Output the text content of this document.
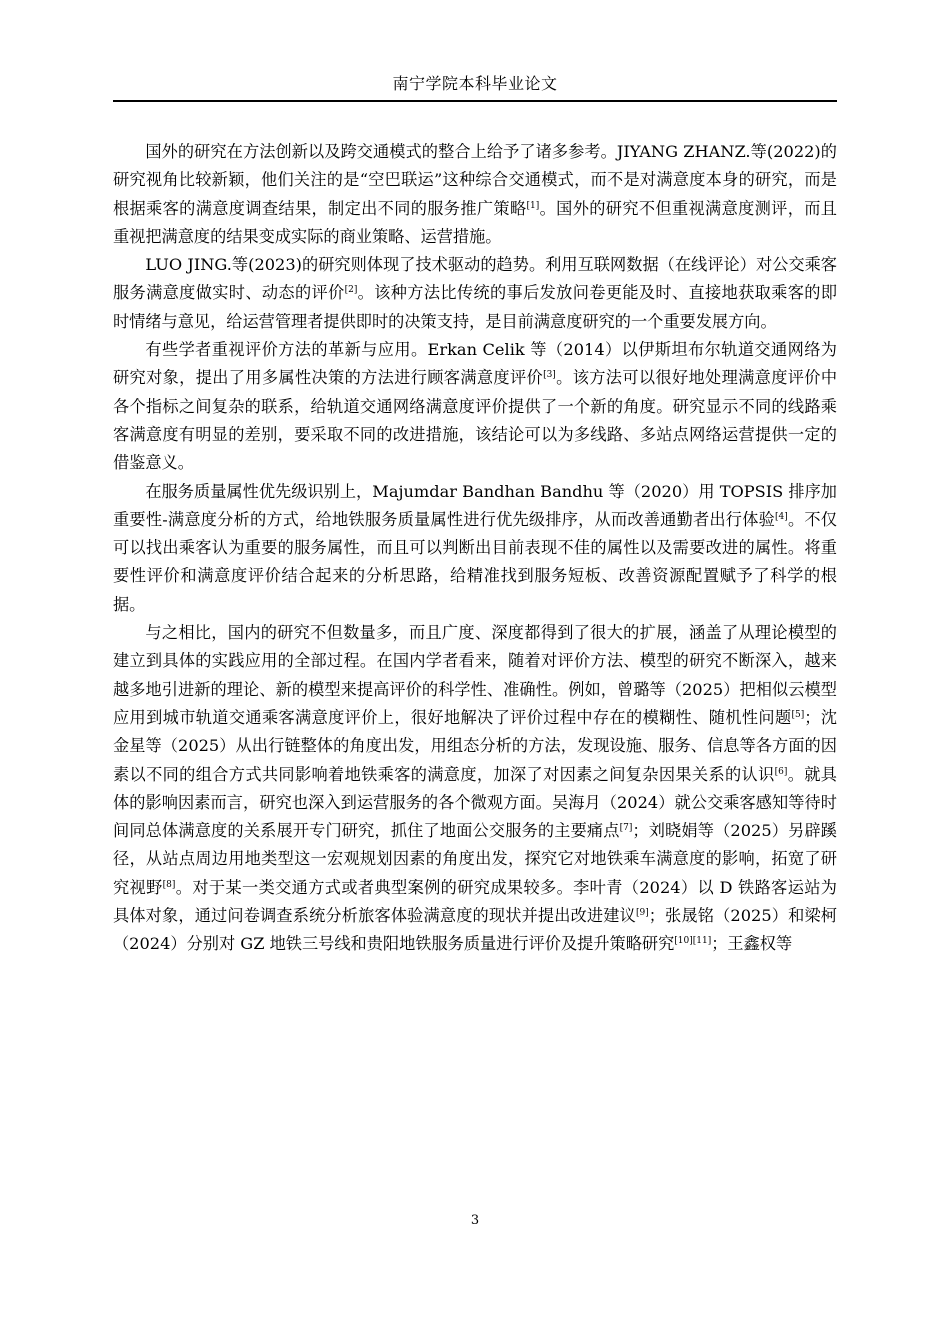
南宁学院本科毕业论文

国外的研究在方法创新以及跨交通模式的整合上给予了诸多参考。JIYANG ZHANZ.等(2022)的研究视角比较新颖，他们关注的是“空巴联运”这种综合交通模式，而不是对满意度本身的研究，而是根据乘客的满意度调查结果，制定出不同的服务推广策略[1]。国外的研究不但重视满意度测评，而且重视把满意度的结果变成实际的商业策略、运营措施。

LUO JING.等(2023)的研究则体现了技术驱动的趋势。利用互联网数据（在线评论）对公交乘客服务满意度做实时、动态的评价[2]。该种方法比传统的事后发放问卷更能及时、直接地获取乘客的即时情绪与意见，给运营管理者提供即时的决策支持，是目前满意度研究的一个重要发展方向。

有些学者重视评价方法的革新与应用。Erkan Celik 等（2014）以伊斯坦布尔轨道交通网络为研究对象，提出了用多属性决策的方法进行顾客满意度评价[3]。该方法可以很好地处理满意度评价中各个指标之间复杂的联系，给轨道交通网络满意度评价提供了一个新的角度。研究显示不同的线路乘客满意度有明显的差别，要采取不同的改进措施，该结论可以为多线路、多站点网络运营提供一定的借鉴意义。

在服务质量属性优先级识别上，Majumdar Bandhan Bandhu 等（2020）用 TOPSIS 排序加重要性-满意度分析的方式，给地铁服务质量属性进行优先级排序，从而改善通勤者出行体验[4]。不仅可以找出乘客认为重要的服务属性，而且可以判断出目前表现不佳的属性以及需要改进的属性。将重要性评价和满意度评价结合起来的分析思路，给精准找到服务短板、改善资源配置赋予了科学的根据。

与之相比，国内的研究不但数量多，而且广度、深度都得到了很大的扩展，涵盖了从理论模型的建立到具体的实践应用的全部过程。在国内学者看来，随着对评价方法、模型的研究不断深入，越来越多地引进新的理论、新的模型来提高评价的科学性、准确性。例如，曾璐等（2025）把相似云模型应用到城市轨道交通乘客满意度评价上，很好地解决了评价过程中存在的模糊性、随机性问题[5]；沈金星等（2025）从出行链整体的角度出发，用组态分析的方法，发现设施、服务、信息等各方面的因素以不同的组合方式共同影响着地铁乘客的满意度，加深了对因素之间复杂因果关系的认识[6]。就具体的影响因素而言，研究也深入到运营服务的各个微观方面。吴海月（2024）就公交乘客感知等待时间同总体满意度的关系展开专门研究，抓住了地面公交服务的主要痛点[7]；刘晓娟等（2025）另辟蹊径，从站点周边用地类型这一宏观规划因素的角度出发，探究它对地铁乘车满意度的影响，拓宽了研究视野[8]。对于某一类交通方式或者典型案例的研究成果较多。李叶青（2024）以 D 铁路客运站为具体对象，通过问卷调查系统分析旅客体验满意度的现状并提出改进建议[9]；张晟铭（2025）和梁柯（2024）分别对 GZ 地铁三号线和贵阳地铁服务质量进行评价及提升策略研究[10][11]；王鑫权等

3
